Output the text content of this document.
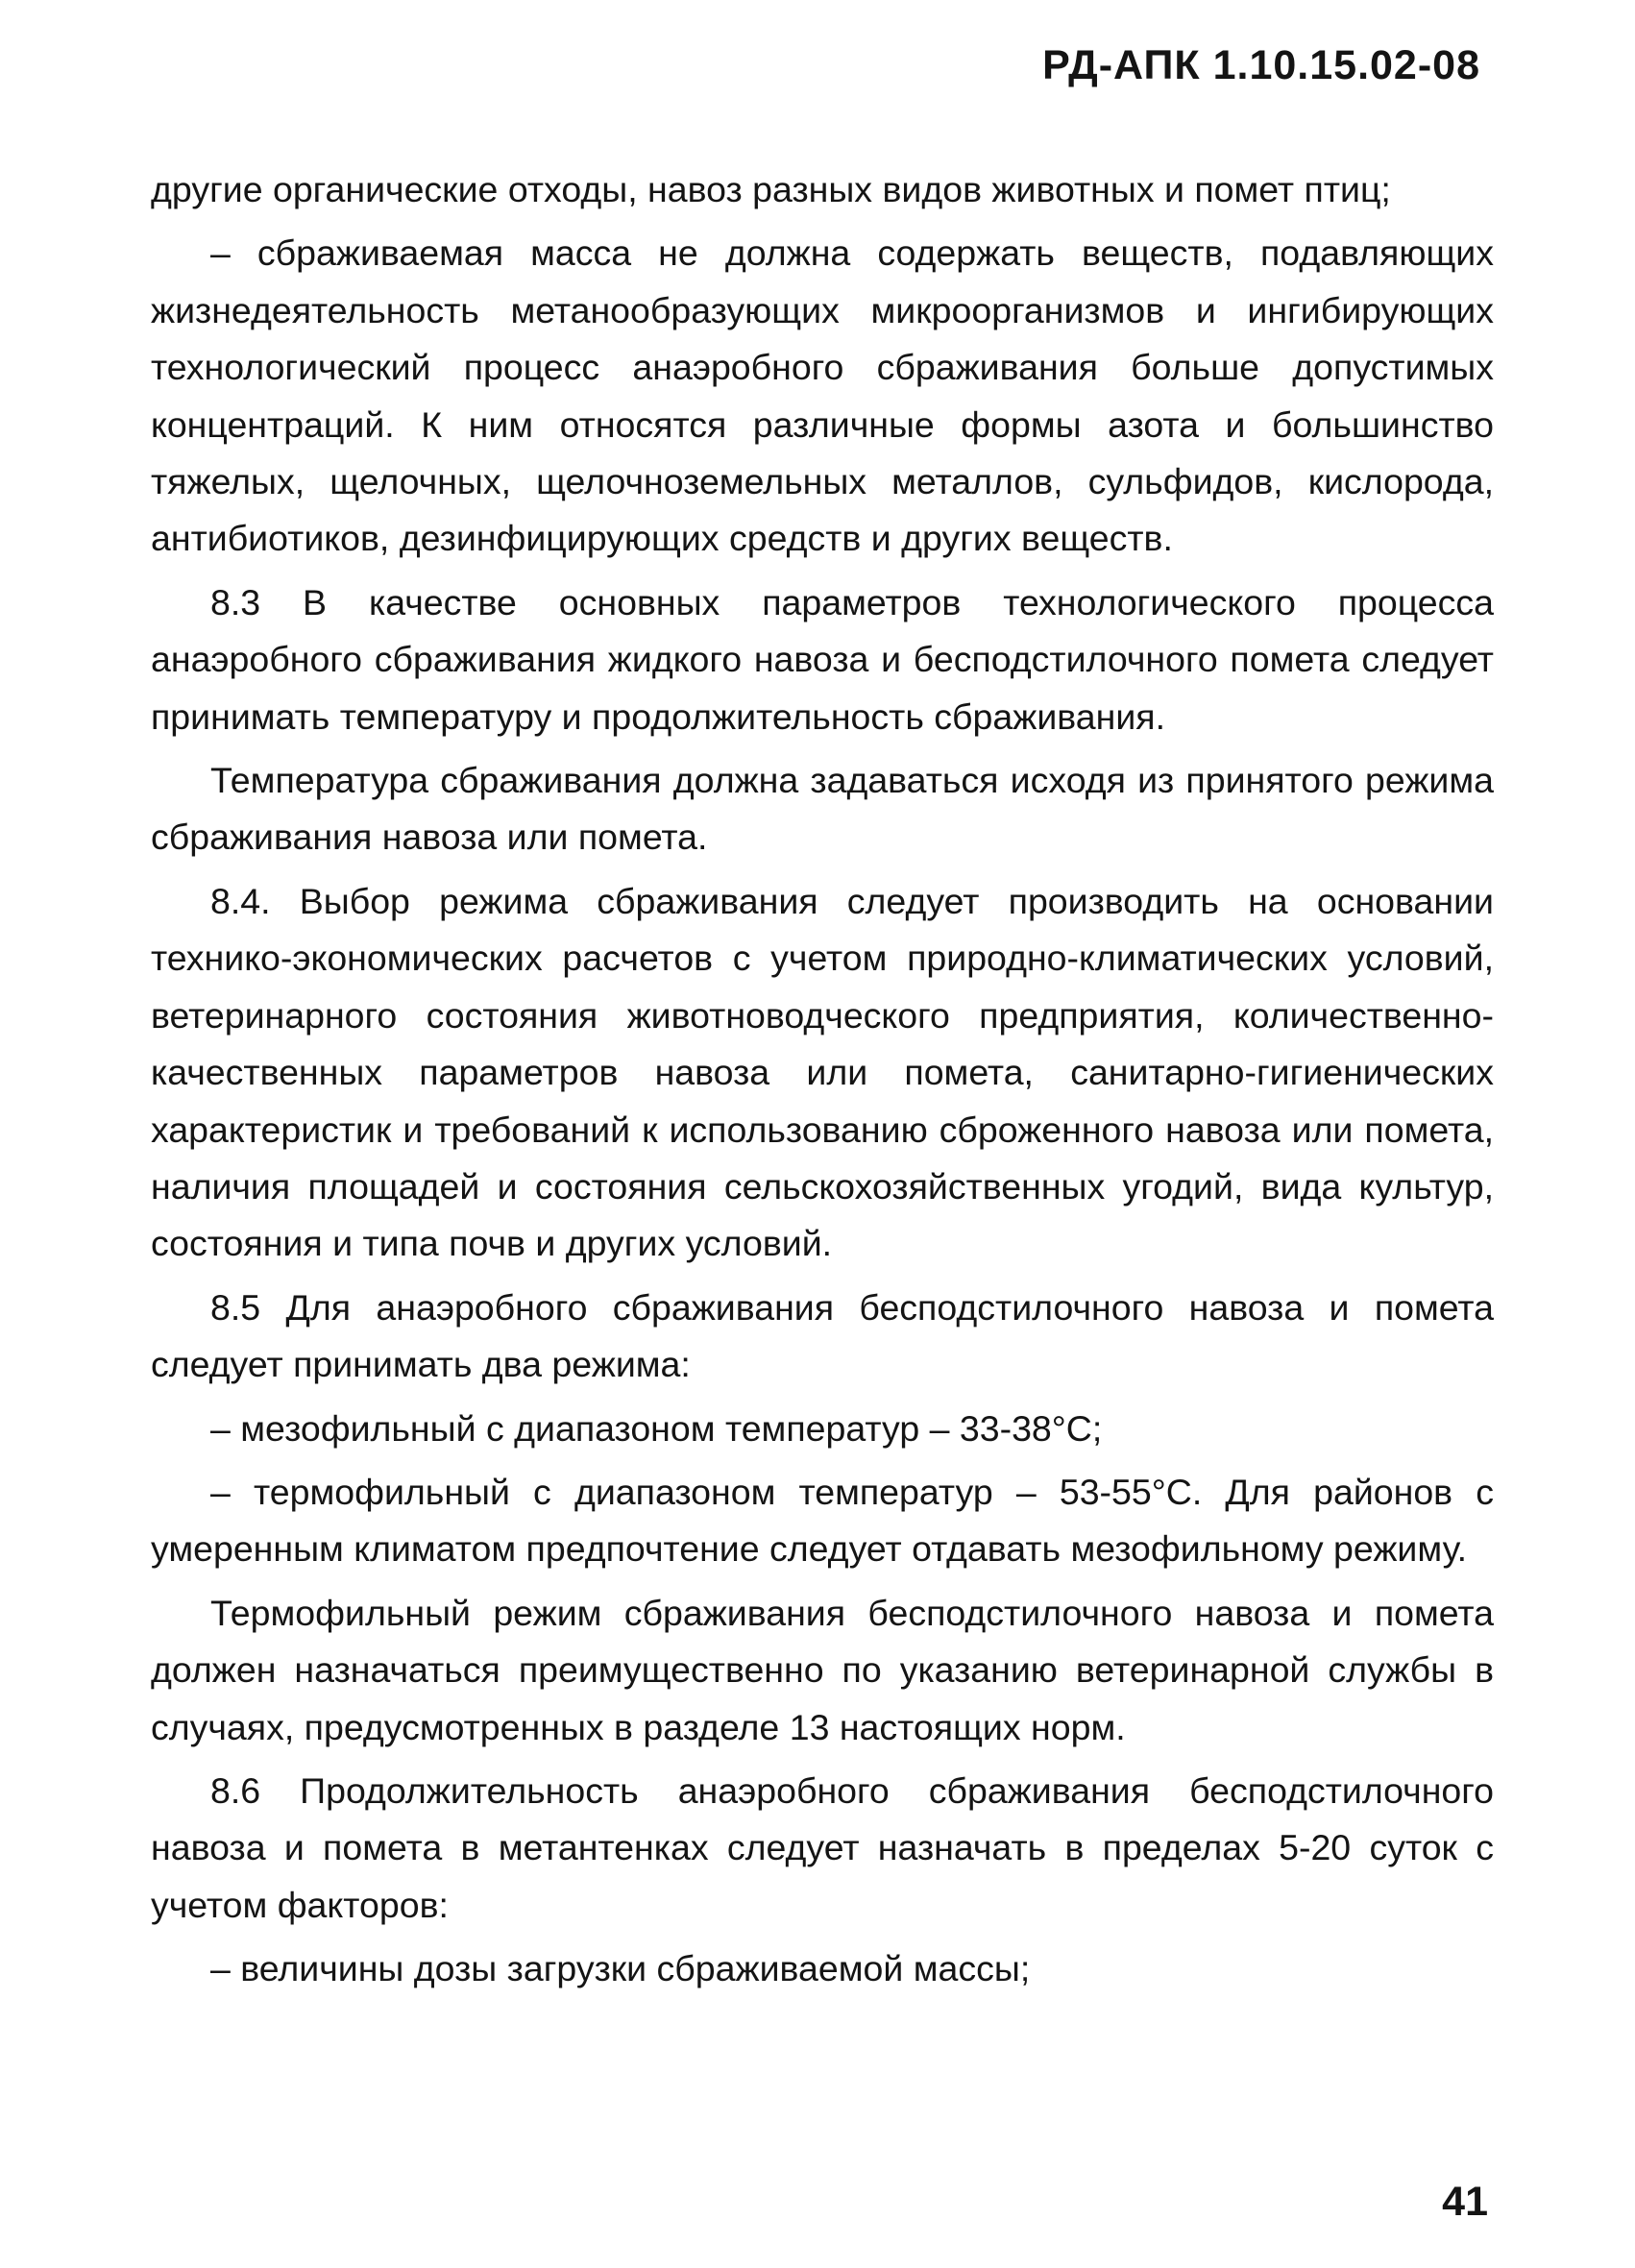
РД-АПК 1.10.15.02-08

другие органические отходы, навоз разных видов животных и помет птиц;

– сбраживаемая масса не должна содержать веществ, подавляющих жизнедеятельность метанообразующих микроорганизмов и ингибирующих технологический процесс анаэробного сбраживания больше допустимых концентраций. К ним относятся различные формы азота и большинство тяжелых, щелочных, щелочноземельных металлов, сульфидов, кислорода, антибиотиков, дезинфицирующих средств и других веществ.

8.3 В качестве основных параметров технологического процесса анаэробного сбраживания жидкого навоза и бесподстилочного помета следует принимать температуру и продолжительность сбраживания.

Температура сбраживания должна задаваться исходя из принятого режима сбраживания навоза или помета.

8.4. Выбор режима сбраживания следует производить на основании технико-экономических расчетов с учетом природно-климатических условий, ветеринарного состояния животноводческого предприятия, количественно-качественных параметров навоза или помета, санитарно-гигиенических характеристик и требований к использованию сброженного навоза или помета, наличия площадей и состояния сельскохозяйственных угодий, вида культур, состояния и типа почв и других условий.

8.5 Для анаэробного сбраживания бесподстилочного навоза и помета следует принимать два режима:

– мезофильный с диапазоном температур – 33-38°С;

– термофильный с диапазоном температур – 53-55°С. Для районов с умеренным климатом предпочтение следует отдавать мезофильному режиму.

Термофильный режим сбраживания бесподстилочного навоза и помета должен назначаться преимущественно по указанию ветеринарной службы в случаях, предусмотренных в разделе 13 настоящих норм.

8.6 Продолжительность анаэробного сбраживания бесподстилочного навоза и помета в метантенках следует назначать в пределах 5-20 суток с учетом факторов:

– величины дозы загрузки сбраживаемой массы;

41
